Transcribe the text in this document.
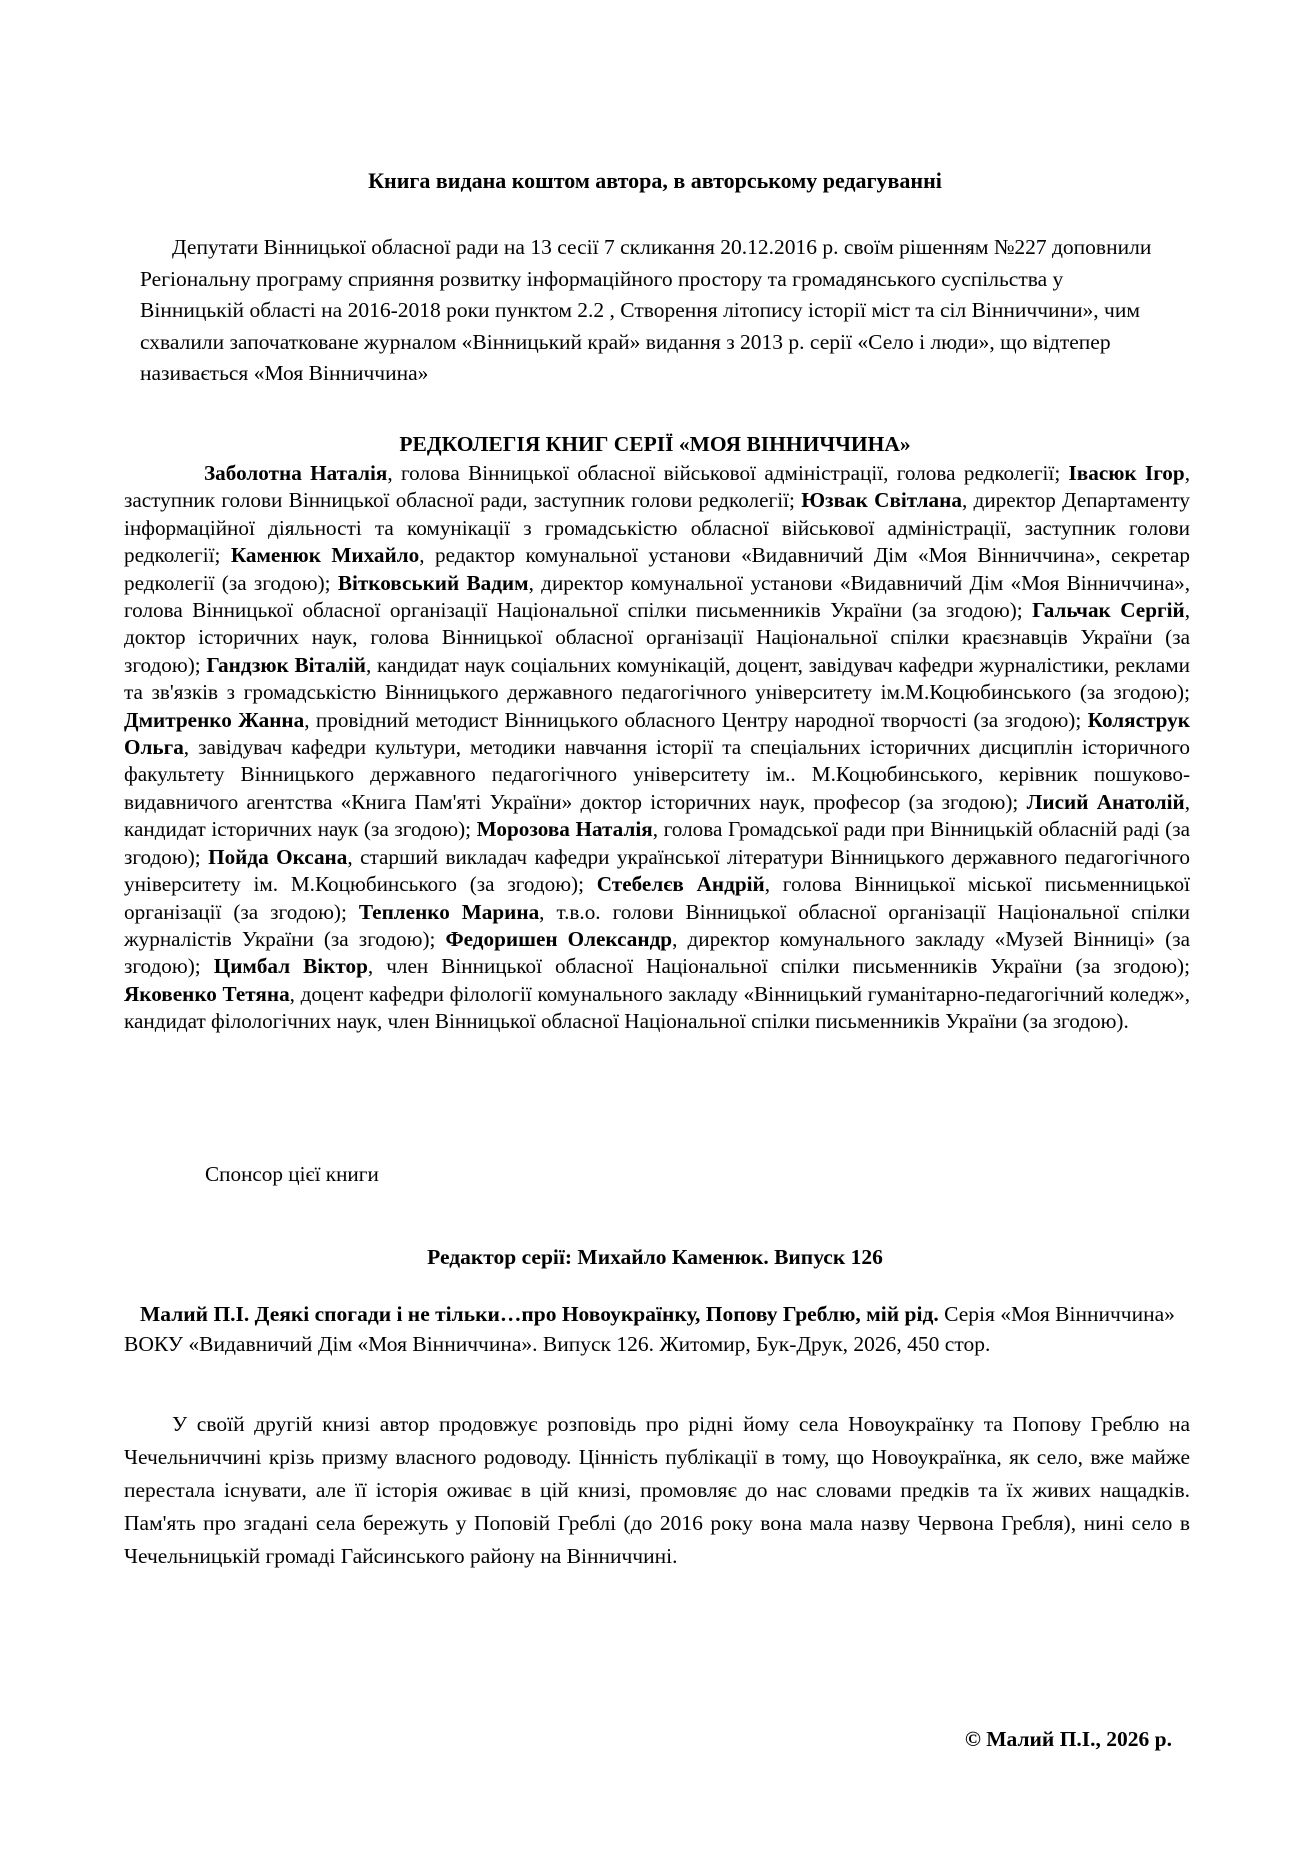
Книга видана коштом автора, в авторському редагуванні

Депутати Вінницької обласної ради на 13 сесії 7 скликання 20.12.2016 р. своїм рішенням №227 доповнили Регіональну програму сприяння розвитку інформаційного простору та громадянського суспільства у Вінницькій області на 2016-2018 роки пунктом 2.2 , Створення літопису історії міст та сіл Вінниччини», чим схвалили започатковане журналом «Вінницький край» видання з 2013 р. серії «Село і люди», що відтепер називається «Моя Вінниччина»

РЕДКОЛЕГІЯ КНИГ СЕРІЇ «МОЯ ВІННИЧЧИНА»

Заболотна Наталія, голова Вінницької обласної військової адміністрації, голова редколегії; Івасюк Ігор, заступник голови Вінницької обласної ради, заступник голови редколегії; Юзвак Світлана, директор Департаменту інформаційної діяльності та комунікації з громадськістю обласної військової адміністрації, заступник голови редколегії; Каменюк Михайло, редактор комунальної установи «Видавничий Дім «Моя Вінниччина», секретар редколегії (за згодою); Вітковський Вадим, директор комунальної установи «Видавничий Дім «Моя Вінниччина», голова Вінницької обласної організації Національної спілки письменників України (за згодою); Гальчак Сергій, доктор історичних наук, голова Вінницької обласної організації Національної спілки краєзнавців України (за згодою); Гандзюк Віталій, кандидат наук соціальних комунікацій, доцент, завідувач кафедри журналістики, реклами та зв'язків з громадськістю Вінницького державного педагогічного університету ім.М.Коцюбинського (за згодою); Дмитренко Жанна, провідний методист Вінницького обласного Центру народної творчості (за згодою); Коляструк Ольга, завідувач кафедри культури, методики навчання історії та спеціальних історичних дисциплін історичного факультету Вінницького державного педагогічного університету ім.. М.Коцюбинського, керівник пошуково-видавничого агентства «Книга Пам'яті України» доктор історичних наук, професор (за згодою); Лисий Анатолій, кандидат історичних наук (за згодою); Морозова Наталія, голова Громадської ради при Вінницькій обласній раді (за згодою); Пойда Оксана, старший викладач кафедри української літератури Вінницького державного педагогічного університету ім. М.Коцюбинського (за згодою); Стебелєв Андрій, голова Вінницької міської письменницької організації (за згодою); Тепленко Марина, т.в.о. голови Вінницької обласної організації Національної спілки журналістів України (за згодою); Федоришен Олександр, директор комунального закладу «Музей Вінниці» (за згодою); Цимбал Віктор, член Вінницької обласної Національної спілки письменників України (за згодою); Яковенко Тетяна, доцент кафедри філології комунального закладу «Вінницький гуманітарно-педагогічний коледж», кандидат філологічних наук, член Вінницької обласної Національної спілки письменників України (за згодою).

Спонсор цієї книги

Редактор серії: Михайло Каменюк. Випуск 126

Малий П.І. Деякі спогади і не тільки…про Новоукраїнку, Попову Греблю, мій рід. Серія «Моя Вінниччина» ВОКУ «Видавничий Дім «Моя Вінниччина». Випуск 126. Житомир, Бук-Друк, 2026, 450 стор.

У своїй другій книзі автор продовжує розповідь про рідні йому села Новоукраїнку та Попову Греблю на Чечельниччині крізь призму власного родоводу. Цінність публікації в тому, що Новоукраїнка, як село, вже майже перестала існувати, але її історія оживає в цій книзі, промовляє до нас словами предків та їх живих нащадків. Пам'ять про згадані села бережуть у Поповій Греблі (до 2016 року вона мала назву Червона Гребля), нині село в Чечельницькій громаді Гайсинського району на Вінниччині.

© Малий П.І., 2026 р.
